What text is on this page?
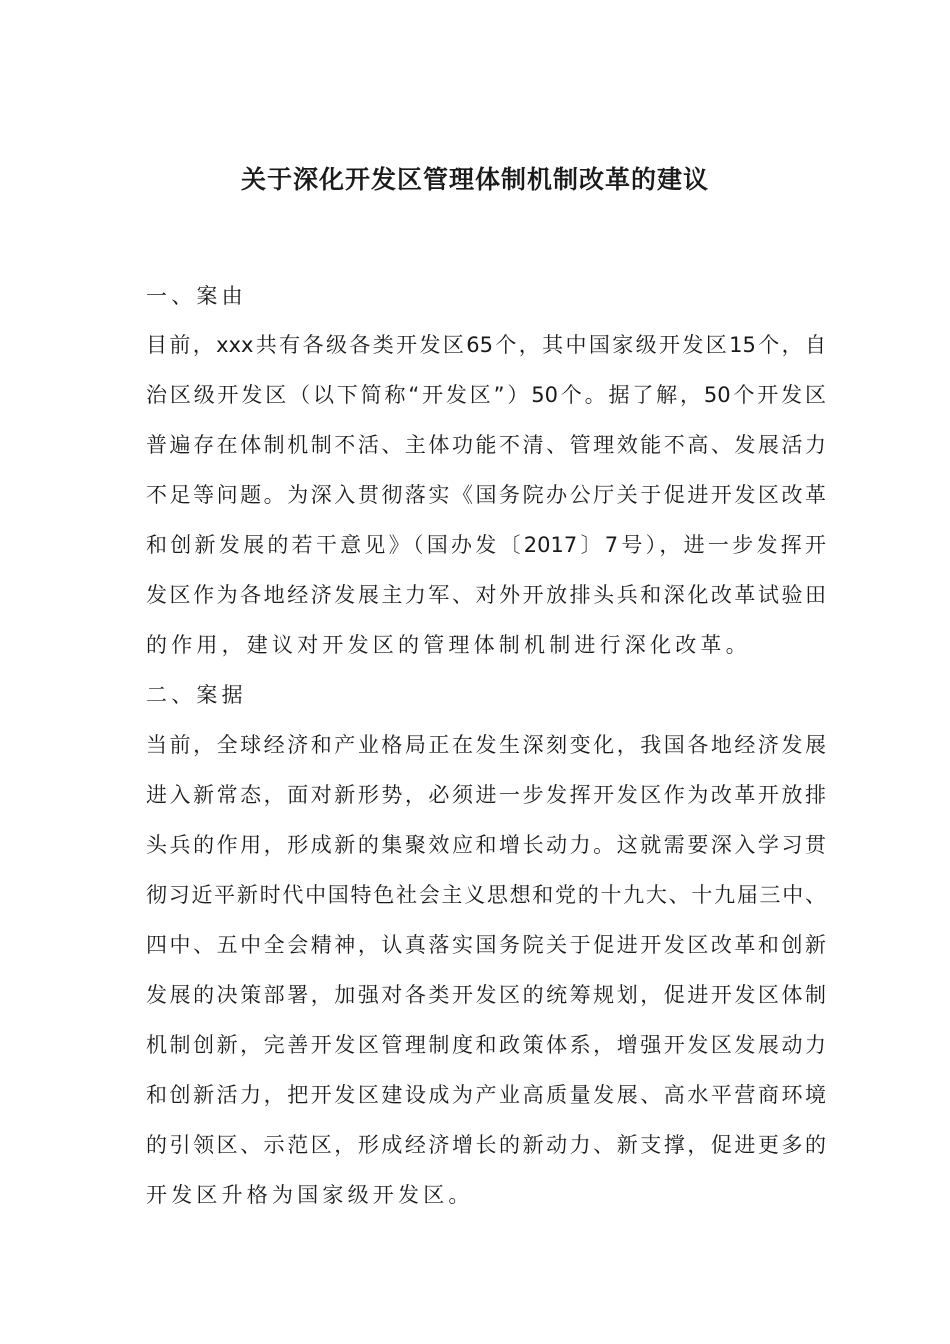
关于深化开发区管理体制机制改革的建议

一、案由

目前，xxx共有各级各类开发区65个，其中国家级开发区15个，自

治区级开发区（以下简称“开发区”）50个。据了解，50个开发区

普遍存在体制机制不活、主体功能不清、管理效能不高、发展活力

不足等问题。为深入贯彻落实《国务院办公厅关于促进开发区改革

和创新发展的若干意见》（国办发〔2017〕7号），进一步发挥开

发区作为各地经济发展主力军、对外开放排头兵和深化改革试验田

的作用，建议对开发区的管理体制机制进行深化改革。

二、案据

当前，全球经济和产业格局正在发生深刻变化，我国各地经济发展

进入新常态，面对新形势，必须进一步发挥开发区作为改革开放排

头兵的作用，形成新的集聚效应和增长动力。这就需要深入学习贯

彻习近平新时代中国特色社会主义思想和党的十九大、十九届三中、

四中、五中全会精神，认真落实国务院关于促进开发区改革和创新

发展的决策部署，加强对各类开发区的统筹规划，促进开发区体制

机制创新，完善开发区管理制度和政策体系，增强开发区发展动力

和创新活力，把开发区建设成为产业高质量发展、高水平营商环境

的引领区、示范区，形成经济增长的新动力、新支撑，促进更多的

开发区升格为国家级开发区。
